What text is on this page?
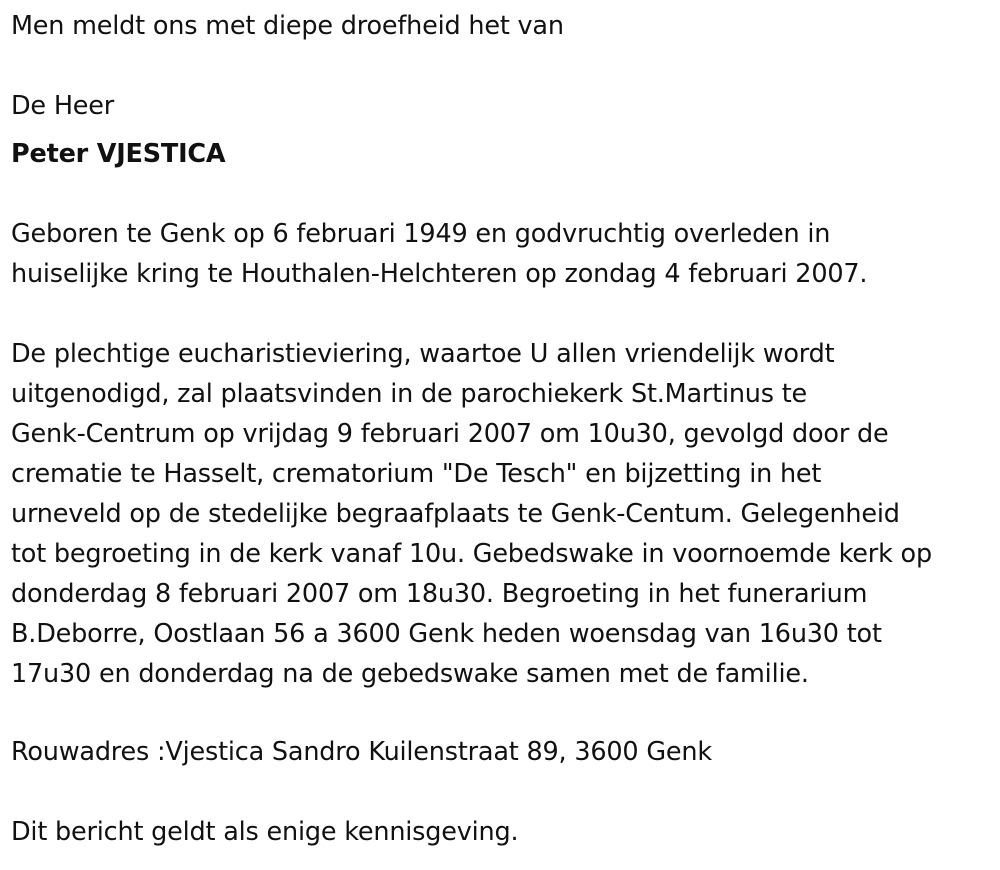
Men meldt ons met diepe droefheid het van
De Heer
Peter VJESTICA
Geboren te Genk op 6 februari 1949 en godvruchtig overleden in
huiselijke kring te Houthalen-Helchteren op zondag 4 februari 2007.
De plechtige eucharistieviering, waartoe U allen vriendelijk wordt
uitgenodigd, zal plaatsvinden in de parochiekerk St.Martinus te
Genk-Centrum op vrijdag 9 februari 2007 om 10u30, gevolgd door de
crematie te Hasselt, crematorium "De Tesch" en bijzetting in het
urneveld op de stedelijke begraafplaats te Genk-Centum. Gelegenheid
tot begroeting in de kerk vanaf 10u. Gebedswake in voornoemde kerk op
donderdag 8 februari 2007 om 18u30. Begroeting in het funerarium
B.Deborre, Oostlaan 56 a 3600 Genk heden woensdag van 16u30 tot
17u30 en donderdag na de gebedswake samen met de familie.
Rouwadres :Vjestica Sandro Kuilenstraat 89, 3600 Genk
Dit bericht geldt als enige kennisgeving.
